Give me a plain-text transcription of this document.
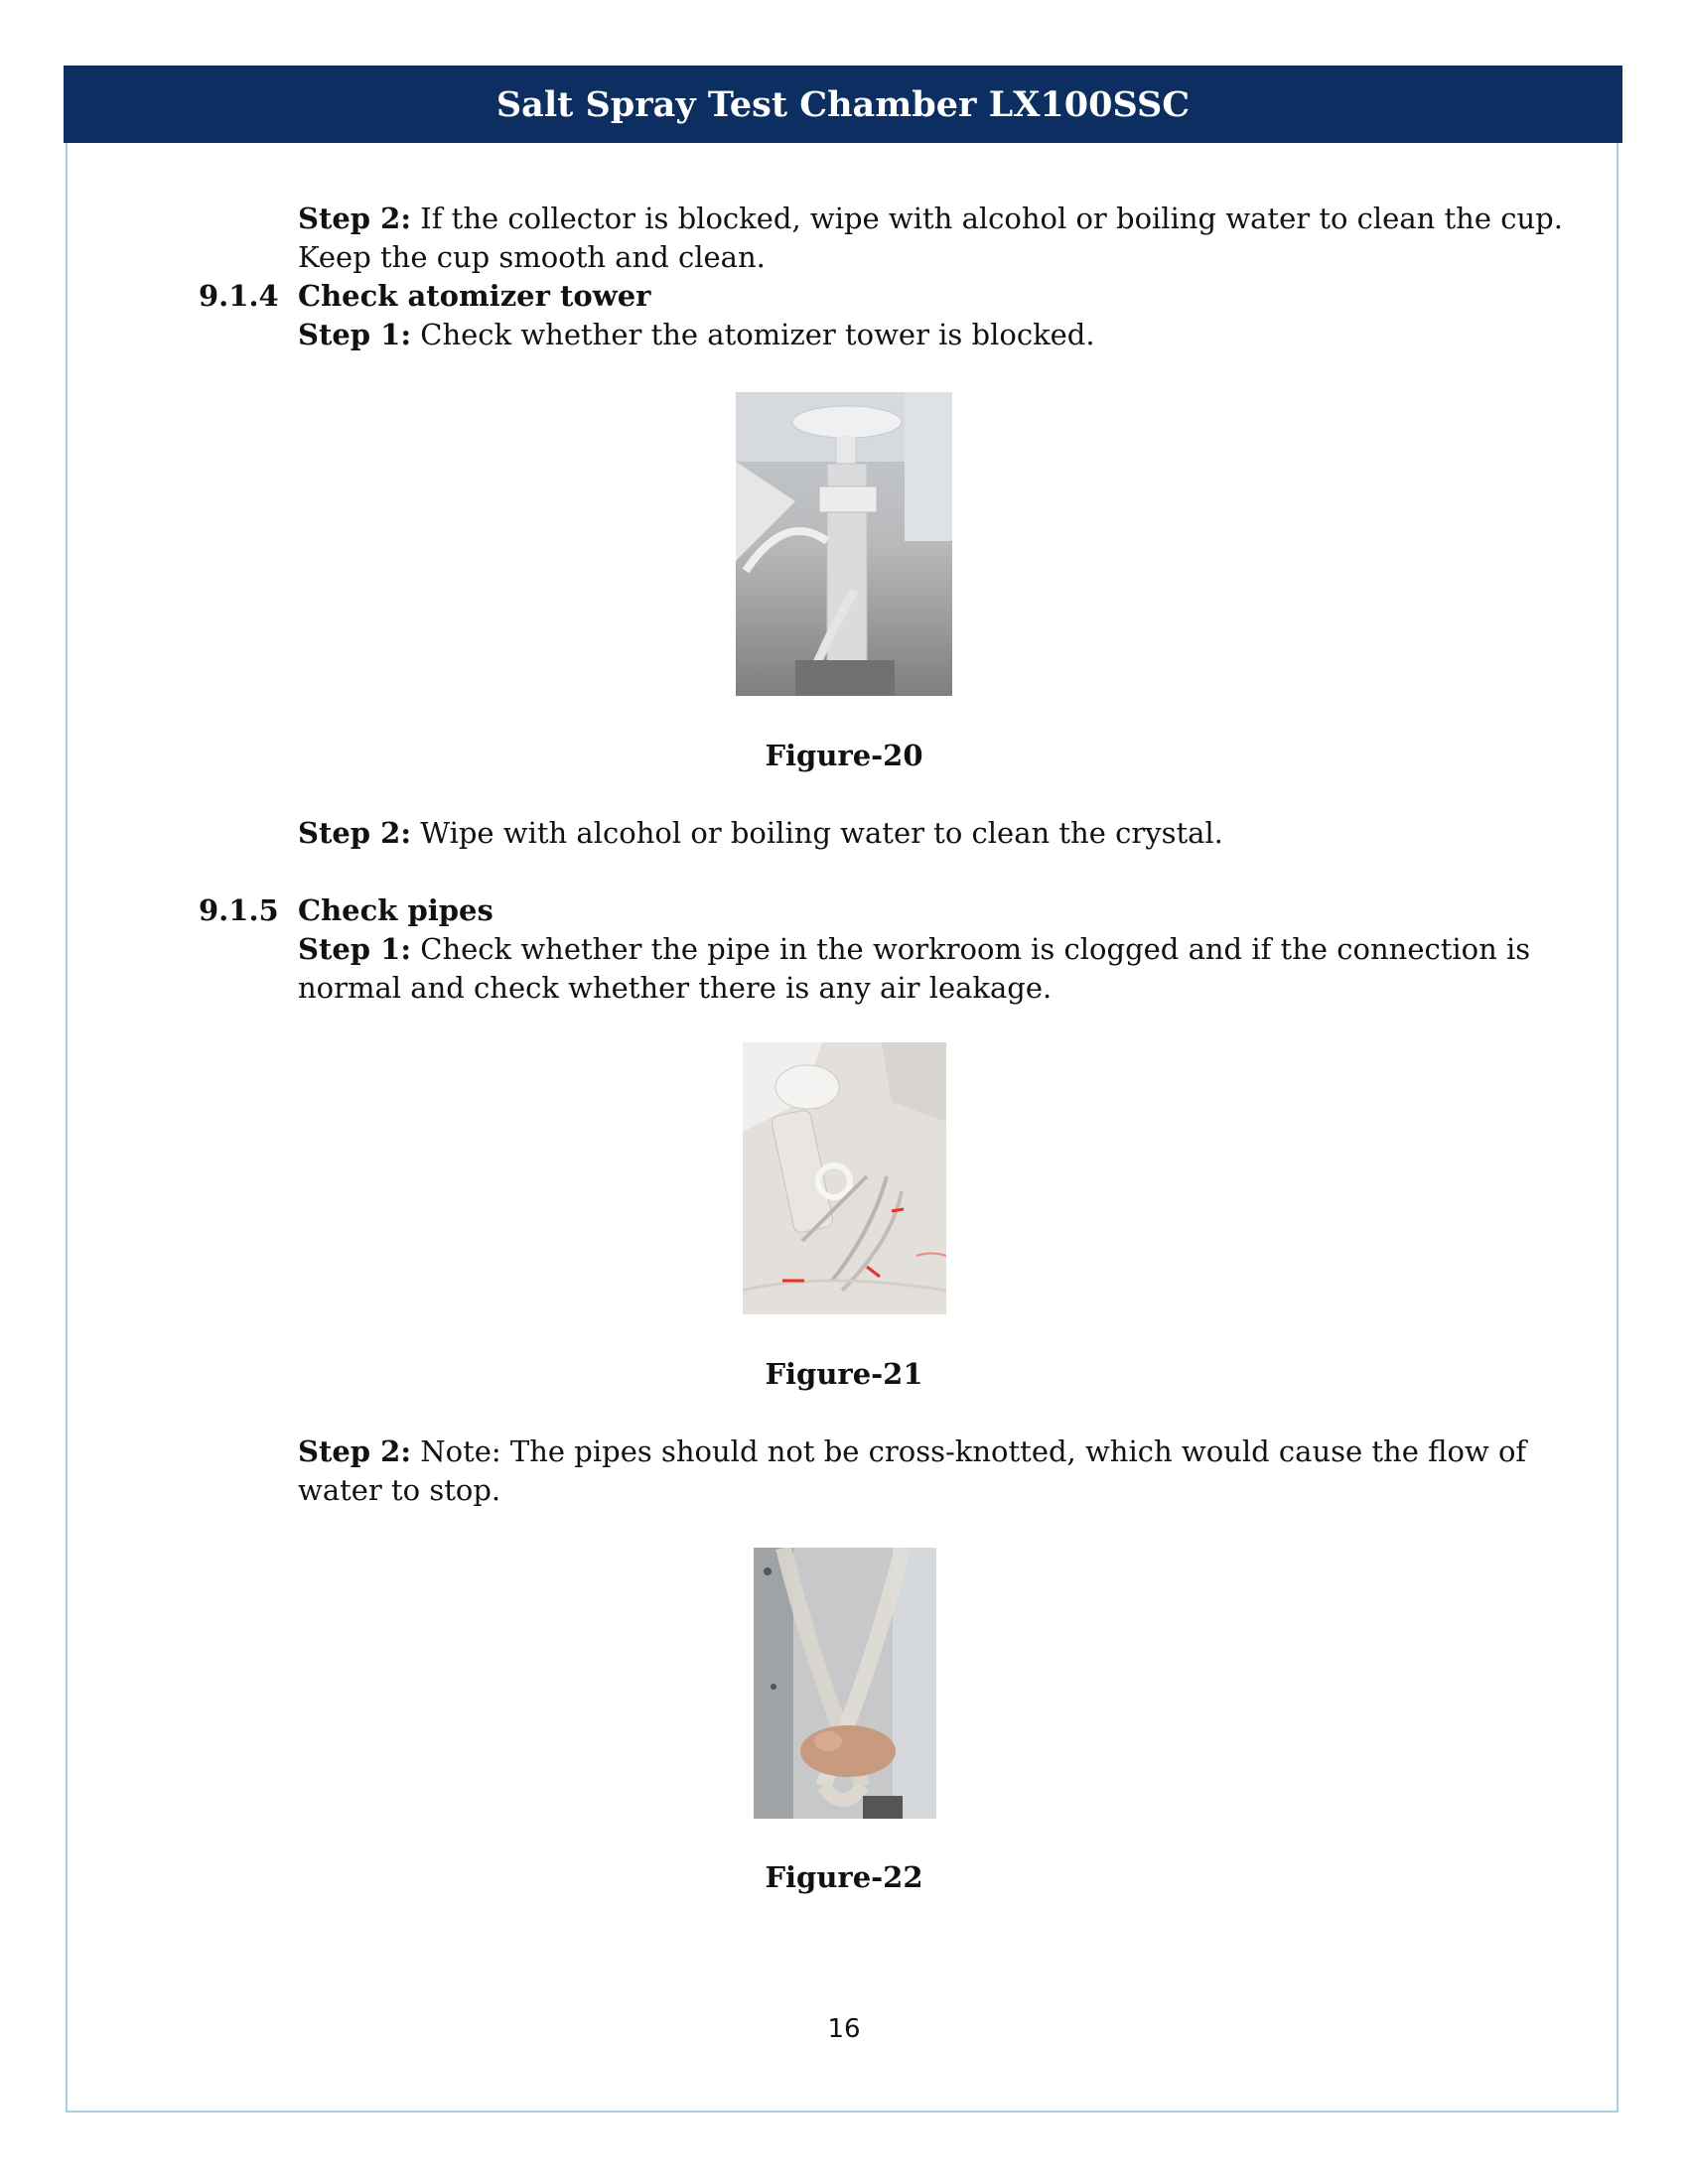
Salt Spray Test Chamber LX100SSC
Step 2: If the collector is blocked, wipe with alcohol or boiling water to clean the cup.
Keep the cup smooth and clean.
9.1.4 Check atomizer tower
Step 1: Check whether the atomizer tower is blocked.
Figure-20
Step 2: Wipe with alcohol or boiling water to clean the crystal.
9.1.5 Check pipes
Step 1: Check whether the pipe in the workroom is clogged and if the connection is
normal and check whether there is any air leakage.
Figure-21
Step 2: Note: The pipes should not be cross-knotted, which would cause the flow of
water to stop.
Figure-22
16
